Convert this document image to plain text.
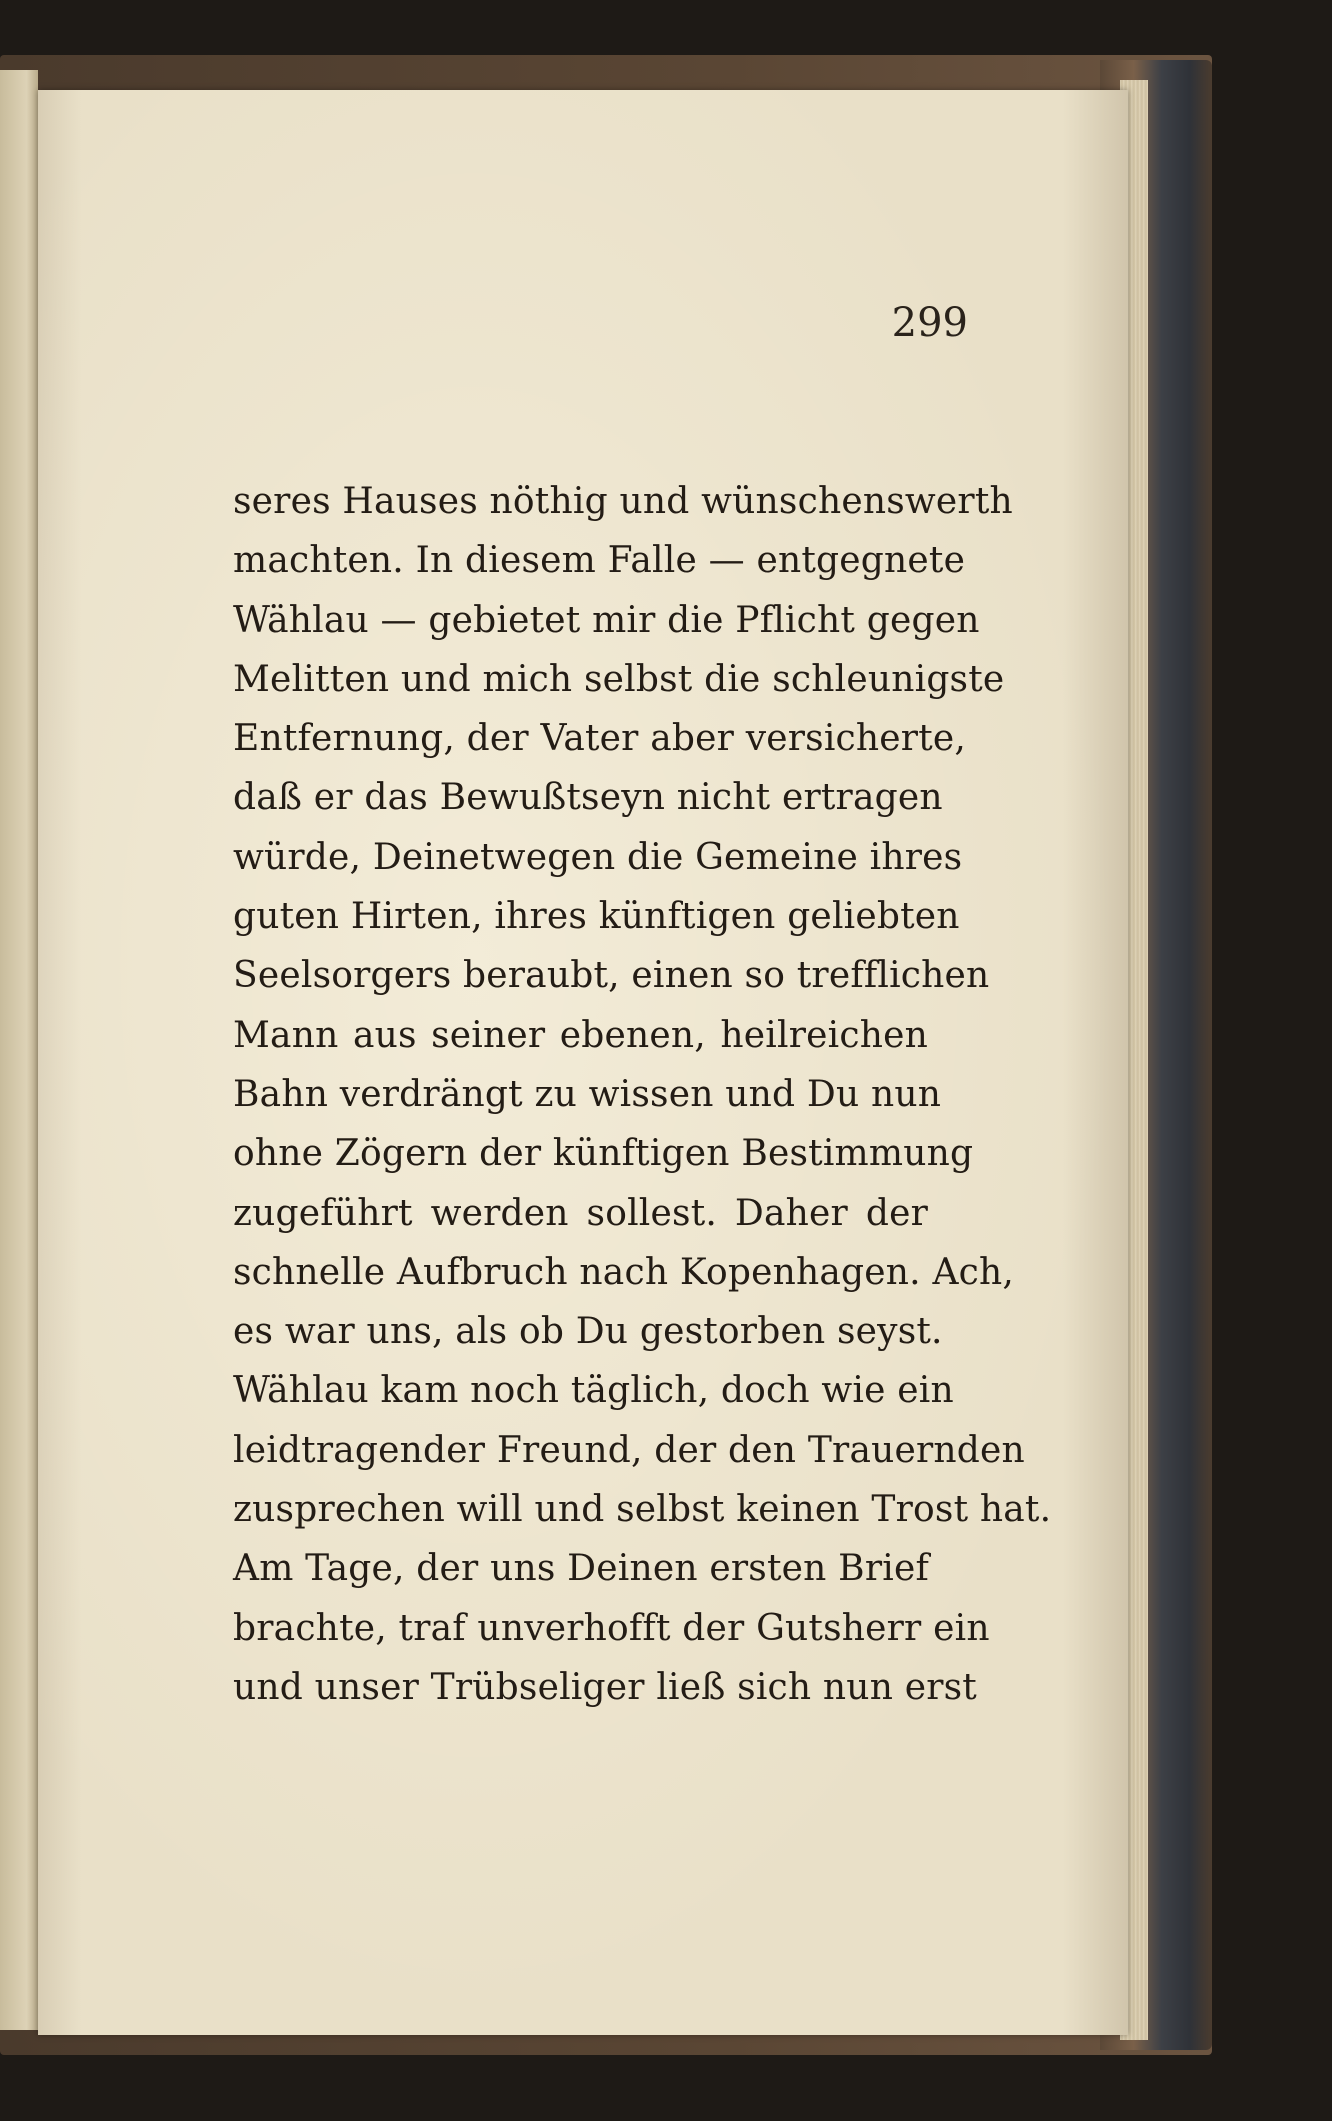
299
seres Hauses nöthig und wünschenswerth
machten. In diesem Falle — entgegnete
Wählau — gebietet mir die Pflicht gegen
Melitten und mich selbst die schleunigste
Entfernung, der Vater aber versicherte,
daß er das Bewußtseyn nicht ertragen
würde, Deinetwegen die Gemeine ihres
guten Hirten, ihres künftigen geliebten
Seelsorgers beraubt, einen so trefflichen
Mann aus seiner ebenen, heilreichen
Bahn verdrängt zu wissen und Du nun
ohne Zögern der künftigen Bestimmung
zugeführt werden sollest. Daher der
schnelle Aufbruch nach Kopenhagen. Ach,
es war uns, als ob Du gestorben seyst.
Wählau kam noch täglich, doch wie ein
leidtragender Freund, der den Trauernden
zusprechen will und selbst keinen Trost hat.
Am Tage, der uns Deinen ersten Brief
brachte, traf unverhofft der Gutsherr ein
und unser Trübseliger ließ sich nun erst
